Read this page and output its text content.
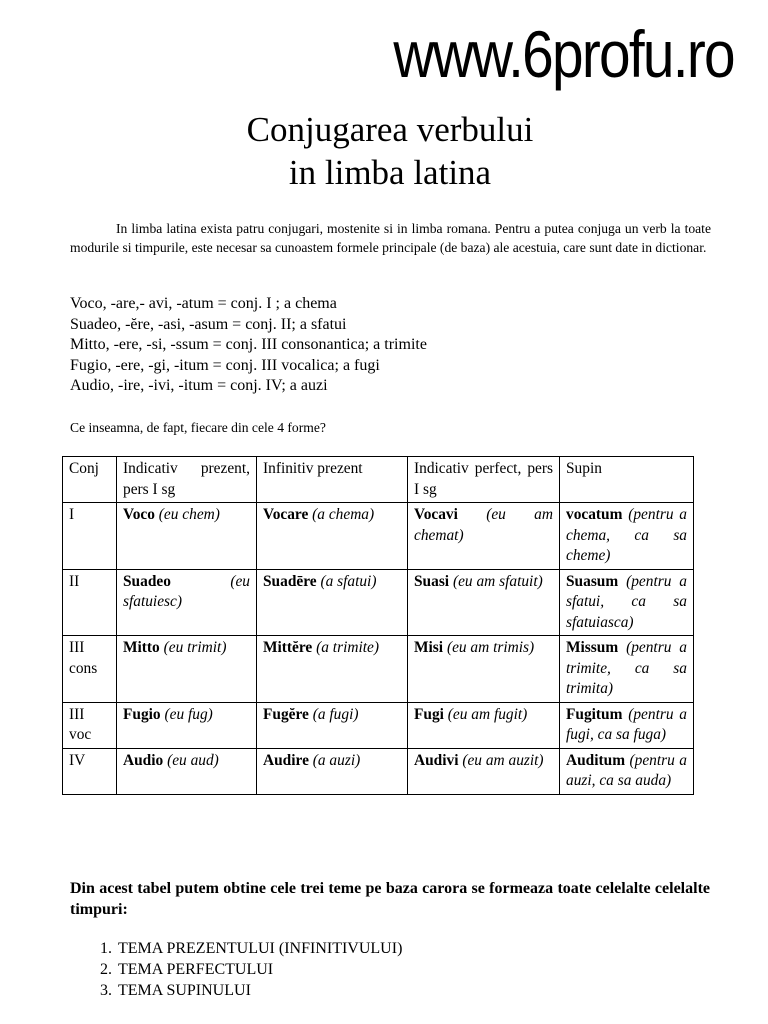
www.6profu.ro
Conjugarea verbului
in limba latina

In limba latina exista patru conjugari, mostenite si in limba romana. Pentru a putea conjuga un verb la toate modurile si timpurile, este necesar sa cunoastem formele principale (de baza) ale acestuia, care sunt date in dictionar.

Voco, -are,- avi, -atum = conj. I ; a chema
Suadeo, -ĕre, -asi, -asum = conj. II; a sfatui
Mitto, -ere, -si, -ssum = conj. III consonantica; a trimite
Fugio, -ere, -gi, -itum = conj. III vocalica; a fugi
Audio, -ire, -ivi, -itum = conj. IV; a auzi
Ce inseamna, de fapt, fiecare din cele 4 forme?
Conj	Indicativ prezent, pers I sg	Infinitiv prezent	Indicativ perfect, pers I sg	Supin
I	Voco (eu chem)	Vocare (a chema)	Vocavi (eu am chemat)	vocatum (pentru a chema, ca sa cheme)
II	Suadeo (eu sfatuiesc)	Suadēre (a sfatui)	Suasi (eu am sfatuit)	Suasum (pentru a sfatui, ca sa sfatuiasca)
III cons	Mitto (eu trimit)	Mittĕre (a trimite)	Misi (eu am trimis)	Missum (pentru a trimite, ca sa trimita)
III voc	Fugio (eu fug)	Fugĕre (a fugi)	Fugi (eu am fugit)	Fugitum (pentru a fugi, ca sa fuga)
IV	Audio (eu aud)	Audire (a auzi)	Audivi (eu am auzit)	Auditum (pentru a auzi, ca sa auda)

Din acest tabel putem obtine cele trei teme pe baza carora se formeaza toate celelalte celelalte timpuri:

1. TEMA PREZENTULUI (INFINITIVULUI)
2. TEMA PERFECTULUI
3. TEMA SUPINULUI
